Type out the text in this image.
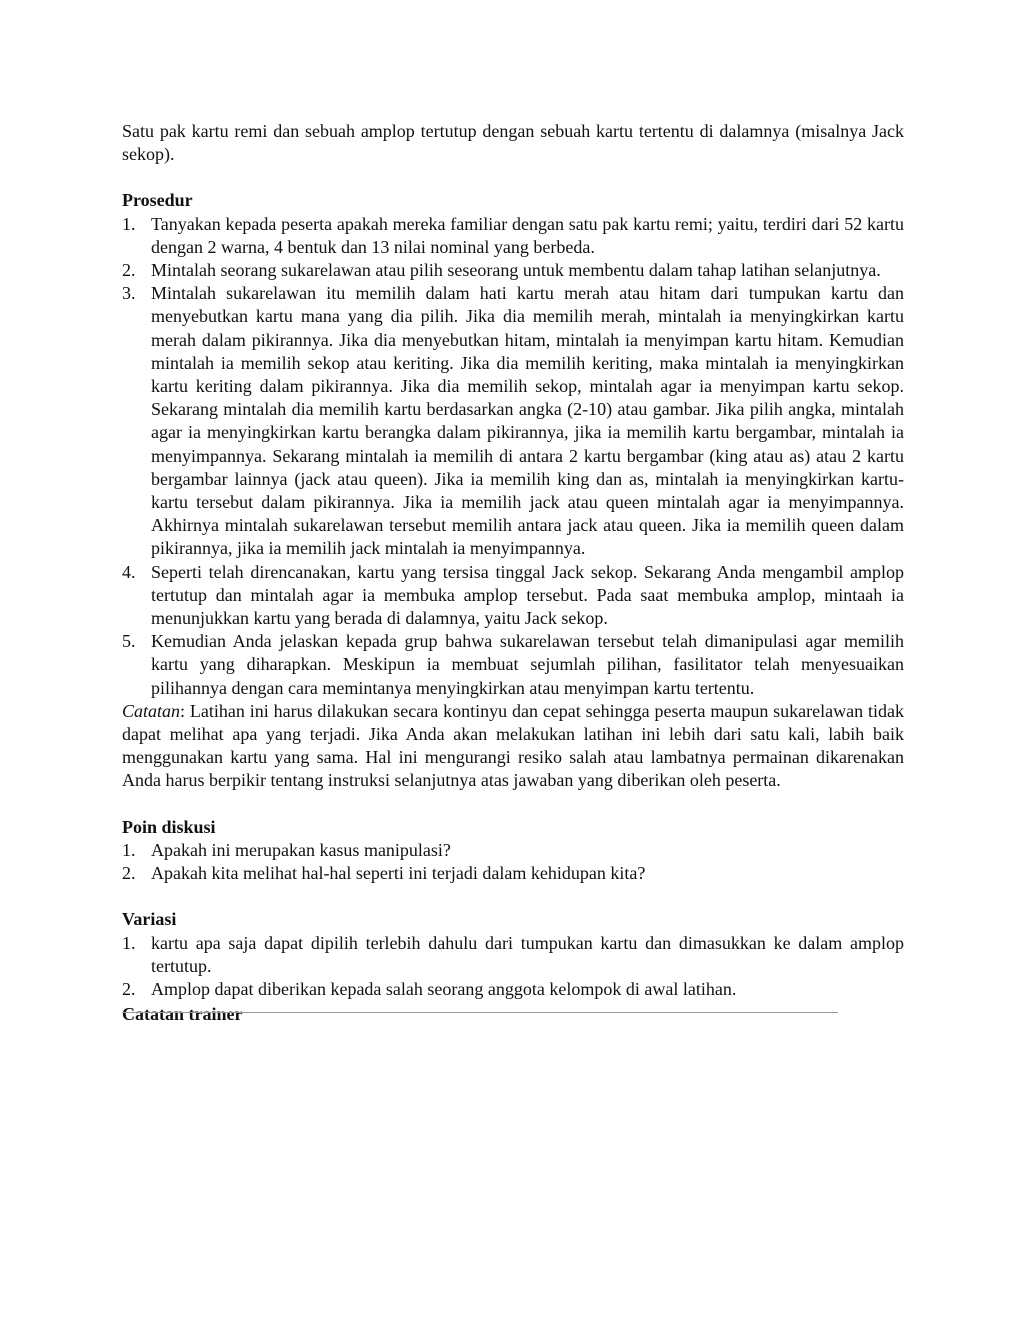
Satu pak kartu remi dan sebuah amplop tertutup dengan sebuah kartu tertentu di dalamnya (misalnya Jack sekop).

Prosedur

1. Tanyakan kepada peserta apakah mereka familiar dengan satu pak kartu remi; yaitu, terdiri dari 52 kartu dengan 2 warna, 4 bentuk dan 13 nilai nominal yang berbeda.
2. Mintalah seorang sukarelawan atau pilih seseorang untuk membentu dalam tahap latihan selanjutnya.
3. Mintalah sukarelawan itu memilih dalam hati kartu merah atau hitam dari tumpukan kartu dan menyebutkan kartu mana yang dia pilih. Jika dia memilih merah, mintalah ia menyingkirkan kartu merah dalam pikirannya. Jika dia menyebutkan hitam, mintalah ia menyimpan kartu hitam. Kemudian mintalah ia memilih sekop atau keriting. Jika dia memilih keriting, maka mintalah ia menyingkirkan kartu keriting dalam pikirannya. Jika dia memilih sekop, mintalah agar ia menyimpan kartu sekop. Sekarang mintalah dia memilih kartu berdasarkan angka (2-10) atau gambar. Jika pilih angka, mintalah agar ia menyingkirkan kartu berangka dalam pikirannya, jika ia memilih kartu bergambar, mintalah ia menyimpannya. Sekarang mintalah ia memilih di antara 2 kartu bergambar (king atau as) atau 2 kartu bergambar lainnya (jack atau queen). Jika ia memilih king dan as, mintalah ia menyingkirkan kartu-kartu tersebut dalam pikirannya. Jika ia memilih jack atau queen mintalah agar ia menyimpannya. Akhirnya mintalah sukarelawan tersebut memilih antara jack atau queen. Jika ia memilih queen dalam pikirannya, jika ia memilih jack mintalah ia menyimpannya.
4. Seperti telah direncanakan, kartu yang tersisa tinggal Jack sekop. Sekarang Anda mengambil amplop tertutup dan mintalah agar ia membuka amplop tersebut. Pada saat membuka amplop, mintaah ia menunjukkan kartu yang berada di dalamnya, yaitu Jack sekop.
5. Kemudian Anda jelaskan kepada grup bahwa sukarelawan tersebut telah dimanipulasi agar memilih kartu yang diharapkan. Meskipun ia membuat sejumlah pilihan, fasilitator telah menyesuaikan pilihannya dengan cara memintanya menyingkirkan atau menyimpan kartu tertentu.

Catatan: Latihan ini harus dilakukan secara kontinyu dan cepat sehingga peserta maupun sukarelawan tidak dapat melihat apa yang terjadi. Jika Anda akan melakukan latihan ini lebih dari satu kali, labih baik menggunakan kartu yang sama. Hal ini mengurangi resiko salah atau lambatnya permainan dikarenakan Anda harus berpikir tentang instruksi selanjutnya atas jawaban yang diberikan oleh peserta.

Poin diskusi

1. Apakah ini merupakan kasus manipulasi?
2. Apakah kita melihat hal-hal seperti ini terjadi dalam kehidupan kita?

Variasi

1. kartu apa saja dapat dipilih terlebih dahulu dari tumpukan kartu dan dimasukkan ke dalam amplop tertutup.
2. Amplop dapat diberikan kepada salah seorang anggota kelompok di awal latihan.

Catatan trainer
